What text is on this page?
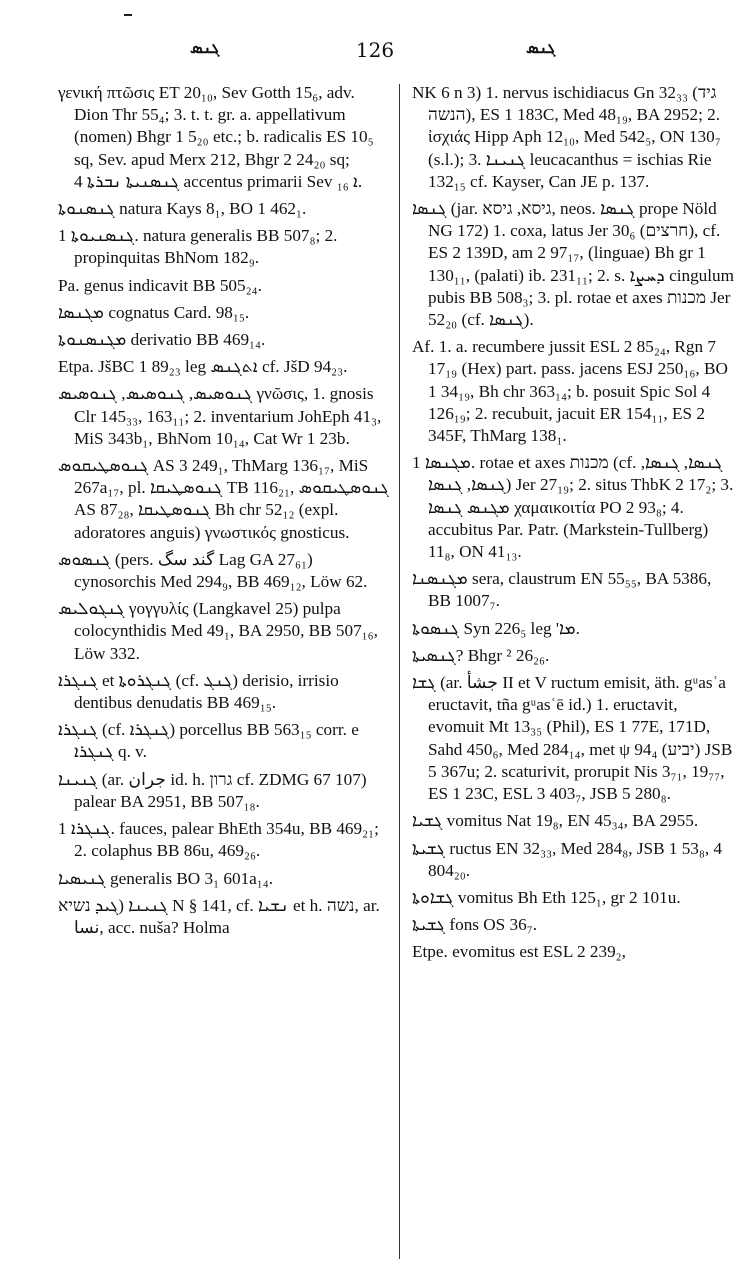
ܓܢܣ	126	ܓܢܣ

γενική πτῶσις ET 20₁₀, Sev Gotth 15₆, adv. Dion Thr 55₄; 3. t. t. gr. a. appellativum (nomen) Bhgr 1 5₂₀ etc.; b. radicalis ES 10₅ sq, Sev. apud Merx 212, Bhgr 2 24₂₀ sq; ܓܢܣܢܝܬܐ ܢܒܪܬܐ 4 accentus primarii Sev ܐ ₁₆.

ܓܢܣܢܘܬܐ natura Kays 8₁, BO 1 462₁.

ܓܢܣܢܝܘܬܐ 1. natura generalis BB 507₈; 2. propinquitas BhNom 182₉.

Pa. genus indicavit BB 505₂₄.

ܡܓܢܣܐ cognatus Card. 98₁₅.

ܡܓܢܣܢܘܬܐ derivatio BB 469₁₄.

Etpa. JšBC 1 89₂₃ leg ܐܬܓܢܣ cf. JšD 94₂₃.

ܓܢܘܣܝܣ, ܓܢܘܣܝܣ, ܓܢܘܣܝܣ γνῶσις, 1. gnosis Clr 145₃₃, 163₁₁; 2. inventarium JohEph 41₃, MiS 343b₁, BhNom 10₁₄, Cat Wr 1 23b.

ܓܢܘܣܛܝܩܘܣ AS 3 249₁, ThMarg 136₁₇, MiS 267a₁₇, pl. ܓܢܘܣܛܝܩܐ TB 116₂₁, ܓܢܘܣܛܝܩܘܣ AS 87₂₈, ܓܢܘܣܛܝܩܐ Bh chr 52₁₂ (expl. adoratores anguis) γνωστικός gnosticus.

ܓܢܣܘܣ (pers. ﮔﻨﺪ ﺳﮓ Lag GA 27₆₁) cynosorchis Med 294₉, BB 469₁₂, Löw 62.

ܓܢܓܘܠܝܣ γογγυλίς (Langkavel 25) pulpa colocynthidis Med 49₁, BA 2950, BB 507₁₆, Löw 332.

ܓܢܓܪܐ et ܓܢܓܪܘܬܐ (cf. ܓܢܓ) derisio, irrisio dentibus denudatis BB 469₁₅.

ܓܢܓܪܐ (cf. ܓܢܓܪܐ) porcellus BB 563₁₅ corr. e ܓܢܓܪܐ q. v.

ܓܢܝܢܐ (ar. جران id. h. גרון cf. ZDMG 67 107) palear BA 2951, BB 507₁₈.

ܓܢܓܪܐ 1. fauces, palear BhEth 354u, BB 469₂₁; 2. colaphus BB 86u, 469₂₆.

ܓܢܝܣܝܐ generalis BO 3₁ 601a₁₄.

ܓܢܝܢܐ (ܓܝܕ נשיא N § 141, cf. ܢܫܝܐ et h. נשה, ar. نسا, acc. nuša? Holma

NK 6 n 3) 1. nervus ischidiacus Gn 32₃₃ (גיד הנשה), ES 1 183C, Med 48₁₉, BA 2952; 2. ἰσχιάς Hipp Aph 12₁₀, Med 542₅, ON 130₇ (s.l.); 3. ܓܢܝܢܐ leucacanthus = ischias Rie 132₁₅ cf. Kayser, Can JE p. 137.

ܓܢܣܐ (jar. גיסא, גיסא, neos. ܓܢܣܐ prope Nöld NG 172) 1. coxa, latus Jer 30₆ (חרצים), cf. ES 2 139D, am 2 97₁₇, (linguae) Bh gr 1 130₁₁, (palati) ib. 231₁₁; 2. s. ܕܚܨܐ cingulum pubis BB 508₃; 3. pl. rotae et axes מכנות Jer 52₂₀ (cf. ܓܢܣܐ).

Af. 1. a. recumbere jussit ESL 2 85₂₄, Rgn 7 17₁₉ (Hex) part. pass. jacens ESJ 250₁₆, BO 1 34₁₉, Bh chr 363₁₄; b. posuit Spic Sol 4 126₁₉; 2. recubuit, jacuit ER 154₁₁, ES 2 345F, ThMarg 138₁.

ܡܓܢܣܐ 1. rotae et axes מכנות (cf. ܓܢܣܐ, ܓܢܣܐ, ܓܢܣܐ, ܓܢܣܐ) Jer 27₁₉; 2. situs ThbK 2 17₂; 3. ܡܓܢܣ ܓܢܣܐ χαμαικοιτία PO 2 93₈; 4. accubitus Par. Patr. (Markstein-Tullberg) 11₈, ON 41₁₃.

ܡܓܢܣܢܐ sera, claustrum EN 55₅₅, BA 5386, BB 1007₇.

ܓܢܣܘܬܐ Syn 226₅ leg 'ܡܐ.

ܓܢܣܝܬܐ? Bhgr ² 26₂₆.

ܓܫܐ (ar. جشأ II et V ructum emisit, äth. gᵘasʿa eructavit, tña gᵘasʿē id.) 1. eructavit, evomuit Mt 13₃₅ (Phil), ES 1 77E, 171D, Sahd 450₆, Med 284₁₄, met ψ 94₄ (יביע) JSB 5 367u; 2. scaturivit, prorupit Nis 3₇₁, 19₇₇, ES 1 23C, ESL 3 403₇, JSB 5 280₈.

ܓܫܝܐ vomitus Nat 19₈, EN 45₃₄, BA 2955.

ܓܫܝܬܐ ructus EN 32₃₃, Med 284₈, JSB 1 53₈, 4 804₂₀.

ܓܫܐܘܬܐ vomitus Bh Eth 125₁, gr 2 101u.

ܓܫܝܬܐ fons OS 36₇.

Etpe. evomitus est ESL 2 239₂,
